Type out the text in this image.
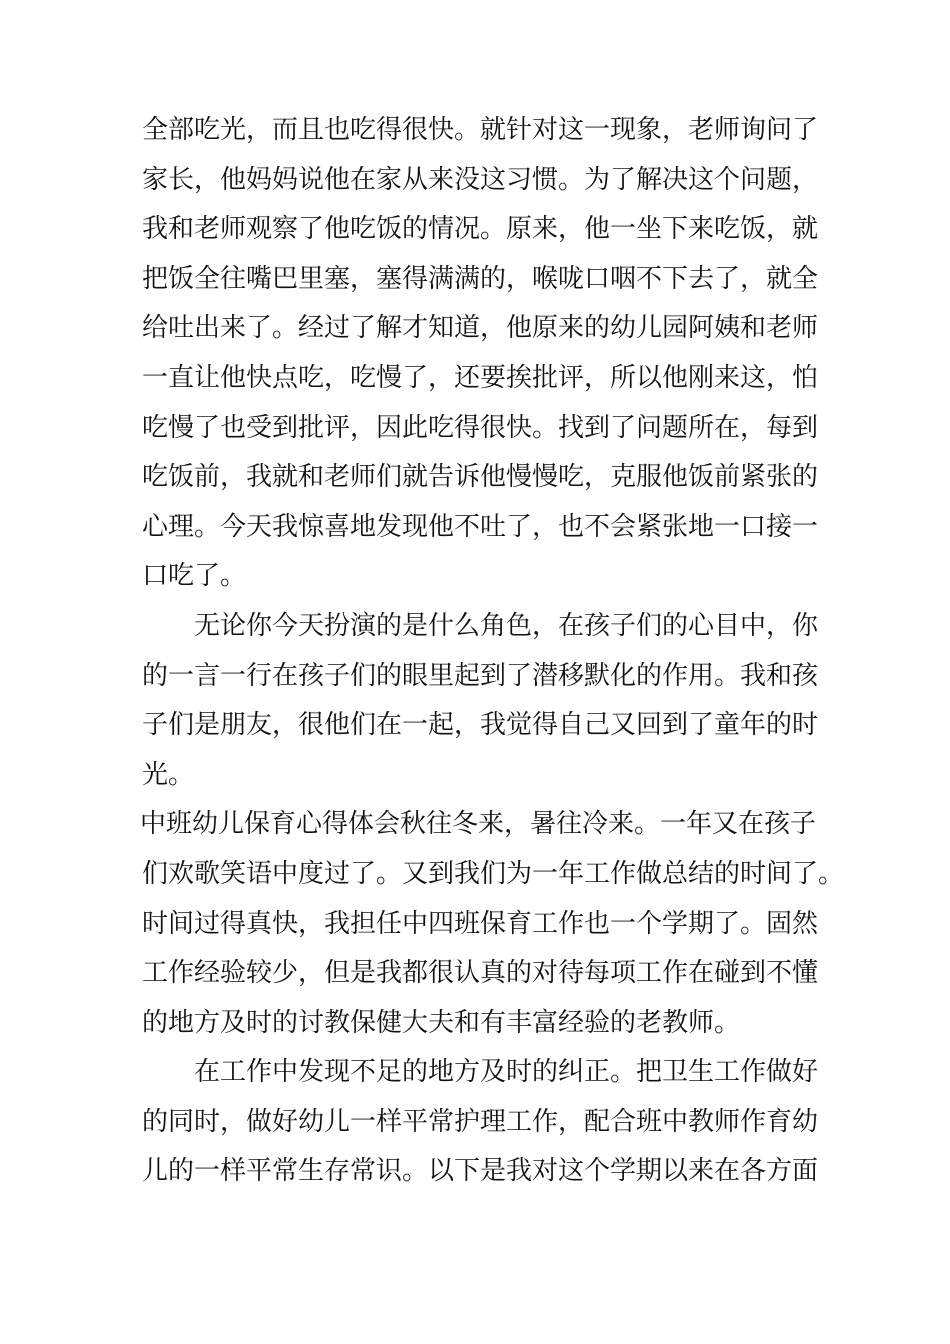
全部吃光，而且也吃得很快。就针对这一现象，老师询问了
家长，他妈妈说他在家从来没这习惯。为了解决这个问题，
我和老师观察了他吃饭的情况。原来，他一坐下来吃饭，就
把饭全往嘴巴里塞，塞得满满的，喉咙口咽不下去了，就全
给吐出来了。经过了解才知道，他原来的幼儿园阿姨和老师
一直让他快点吃，吃慢了，还要挨批评，所以他刚来这，怕
吃慢了也受到批评，因此吃得很快。找到了问题所在，每到
吃饭前，我就和老师们就告诉他慢慢吃，克服他饭前紧张的
心理。今天我惊喜地发现他不吐了，也不会紧张地一口接一
口吃了。
无论你今天扮演的是什么角色，在孩子们的心目中，你
的一言一行在孩子们的眼里起到了潜移默化的作用。我和孩
子们是朋友，很他们在一起，我觉得自己又回到了童年的时
光。
中班幼儿保育心得体会秋往冬来，暑往冷来。一年又在孩子
们欢歌笑语中度过了。又到我们为一年工作做总结的时间了。
时间过得真快，我担任中四班保育工作也一个学期了。固然
工作经验较少，但是我都很认真的对待每项工作在碰到不懂
的地方及时的讨教保健大夫和有丰富经验的老教师。
在工作中发现不足的地方及时的纠正。把卫生工作做好
的同时，做好幼儿一样平常护理工作，配合班中教师作育幼
儿的一样平常生存常识。以下是我对这个学期以来在各方面
